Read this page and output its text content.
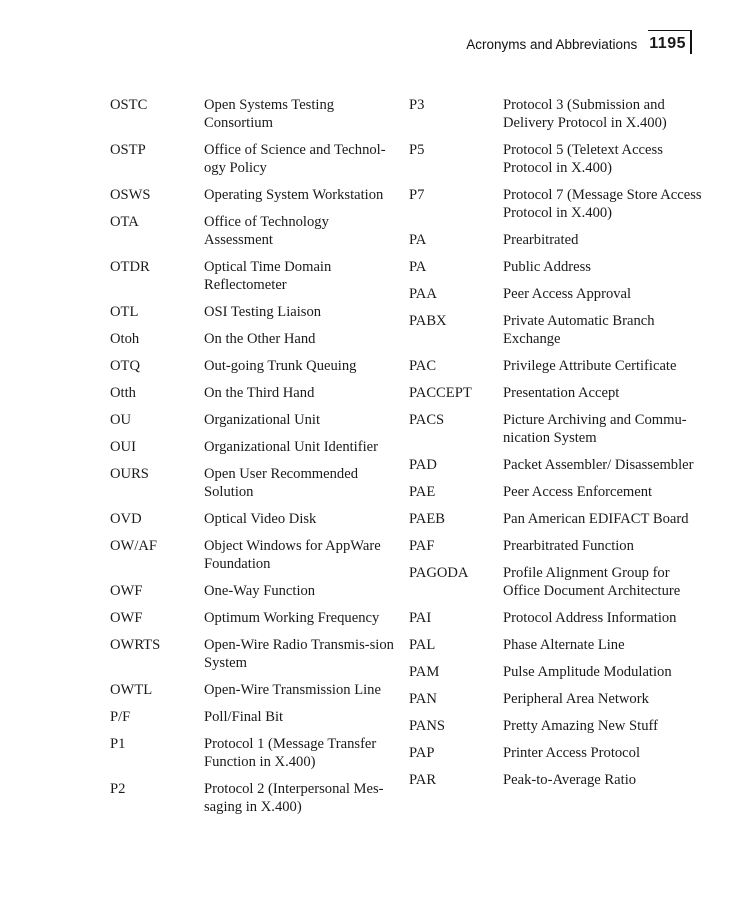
Acronyms and Abbreviations 1195
OSTC	Open Systems Testing Consortium
OSTP	Office of Science and Technol-ogy Policy
OSWS	Operating System Workstation
OTA	Office of Technology Assessment
OTDR	Optical Time Domain Reflectometer
OTL	OSI Testing Liaison
Otoh	On the Other Hand
OTQ	Out-going Trunk Queuing
Otth	On the Third Hand
OU	Organizational Unit
OUI	Organizational Unit Identifier
OURS	Open User Recommended Solution
OVD	Optical Video Disk
OW/AF	Object Windows for AppWare Foundation
OWF	One-Way Function
OWF	Optimum Working Frequency
OWRTS	Open-Wire Radio Transmis-sion System
OWTL	Open-Wire Transmission Line
P/F	Poll/Final Bit
P1	Protocol 1 (Message Transfer Function in X.400)
P2	Protocol 2 (Interpersonal Mes-saging in X.400)
P3	Protocol 3 (Submission and Delivery Protocol in X.400)
P5	Protocol 5 (Teletext Access Protocol in X.400)
P7	Protocol 7 (Message Store Access Protocol in X.400)
PA	Prearbitrated
PA	Public Address
PAA	Peer Access Approval
PABX	Private Automatic Branch Exchange
PAC	Privilege Attribute Certificate
PACCEPT	Presentation Accept
PACS	Picture Archiving and Commu-nication System
PAD	Packet Assembler/ Disassembler
PAE	Peer Access Enforcement
PAEB	Pan American EDIFACT Board
PAF	Prearbitrated Function
PAGODA	Profile Alignment Group for Office Document Architecture
PAI	Protocol Address Information
PAL	Phase Alternate Line
PAM	Pulse Amplitude Modulation
PAN	Peripheral Area Network
PANS	Pretty Amazing New Stuff
PAP	Printer Access Protocol
PAR	Peak-to-Average Ratio
